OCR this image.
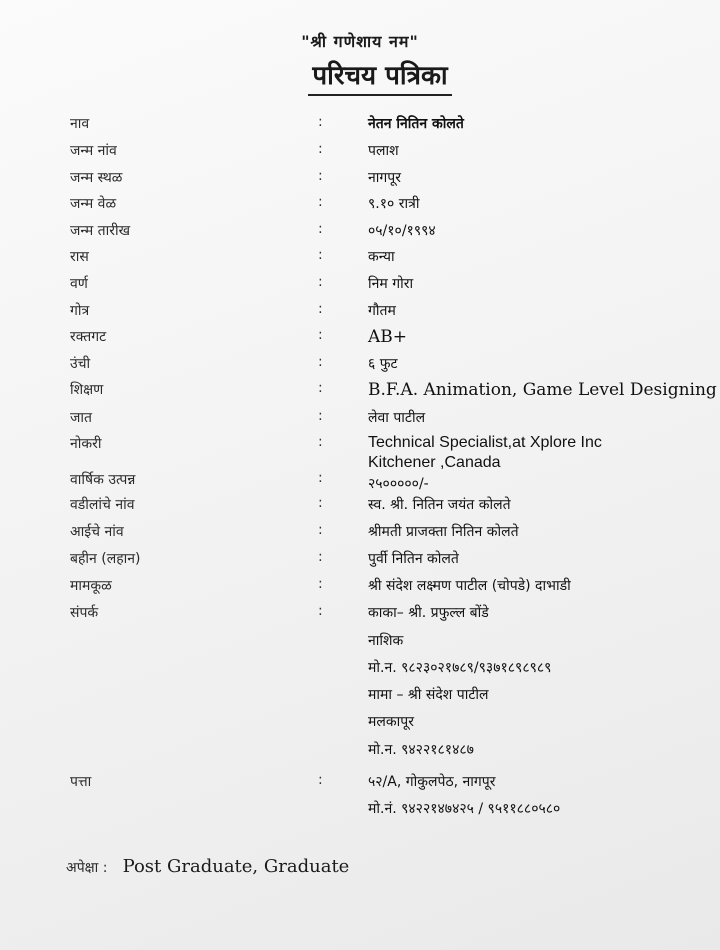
"श्री गणेशाय नम"
परिचय पत्रिका
नाव	:	नेतन नितिन कोलते
जन्म नांव	:	पलाश
जन्म स्थळ	:	नागपूर
जन्म वेळ	:	९.१० रात्री
जन्म तारीख	:	०५/१०/१९९४
रास	:	कन्या
वर्ण	:	निम गोरा
गोत्र	:	गौतम
रक्तगट	:	AB+
उंची	:	६ फुट
शिक्षण	:	B.F.A. Animation, Game Level Designing
जात	:	लेवा पाटील
नोकरी	:	Technical Specialist,at Xplore Inc
Kitchener ,Canada
वार्षिक उत्पन्न	:	२५०००००/-
वडीलांचे नांव	:	स्व. श्री. नितिन जयंत कोलते
आईचे नांव	:	श्रीमती प्राजक्ता नितिन कोलते
बहीन (लहान)	:	पुर्वी नितिन कोलते
मामकूळ	:	श्री संदेश लक्ष्मण पाटील (चोपडे) दाभाडी
संपर्क	:	काका– श्री. प्रफुल्ल बोंडे
नाशिक
मो.न. ९८२३०२१७८९/९३७१८९८९८९
मामा – श्री संदेश पाटील
मलकापूर
मो.न. ९४२२१८१४८७
पत्ता	:	५२/A, गोकुलपेठ, नागपूर
मो.नं. ९४२२१४७४२५ / ९५११८८०५८०
अपेक्षा : Post Graduate, Graduate
